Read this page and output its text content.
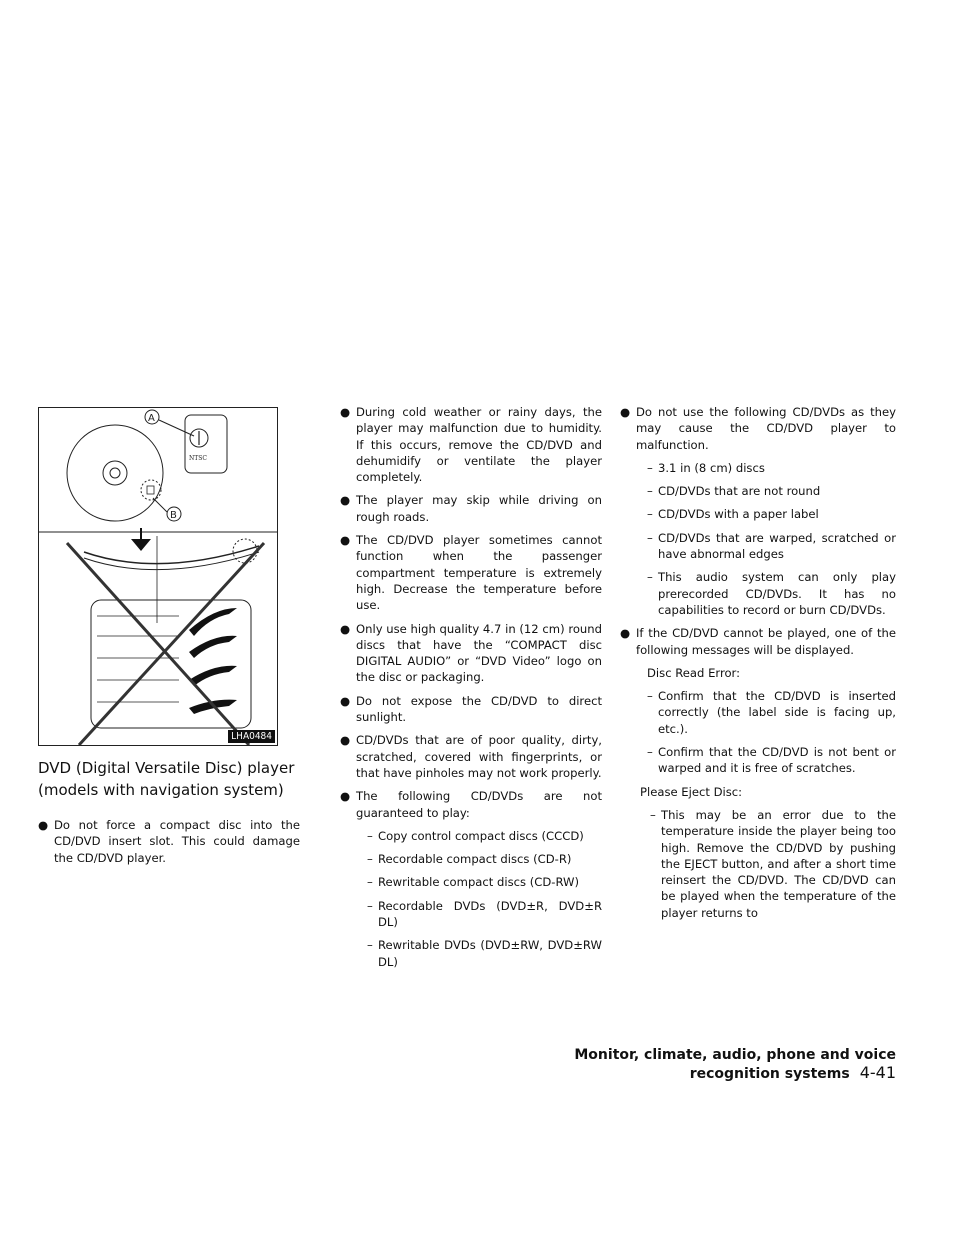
NTSC
A
B
LHA0484
DVD (Digital Versatile Disc) player (models with navigation system)

● Do not force a compact disc into the CD/DVD insert slot. This could damage the CD/DVD player.

● During cold weather or rainy days, the player may malfunction due to humidity. If this occurs, remove the CD/DVD and dehumidify or ventilate the player completely.

● The player may skip while driving on rough roads.

● The CD/DVD player sometimes cannot function when the passenger compartment temperature is extremely high. Decrease the temperature before use.

● Only use high quality 4.7 in (12 cm) round discs that have the “COMPACT disc DIGITAL AUDIO” or “DVD Video” logo on the disc or packaging.

● Do not expose the CD/DVD to direct sunlight.

● CD/DVDs that are of poor quality, dirty, scratched, covered with fingerprints, or that have pinholes may not work properly.

● The following CD/DVDs are not guaranteed to play:

– Copy control compact discs (CCCD)

– Recordable compact discs (CD-R)

– Rewritable compact discs (CD-RW)

– Recordable DVDs (DVD±R, DVD±R DL)

– Rewritable DVDs (DVD±RW, DVD±RW DL)

● Do not use the following CD/DVDs as they may cause the CD/DVD player to malfunction.

– 3.1 in (8 cm) discs

– CD/DVDs that are not round

– CD/DVDs with a paper label

– CD/DVDs that are warped, scratched or have abnormal edges

– This audio system can only play prerecorded CD/DVDs. It has no capabilities to record or burn CD/DVDs.

● If the CD/DVD cannot be played, one of the following messages will be displayed.

Disc Read Error:

– Confirm that the CD/DVD is inserted correctly (the label side is facing up, etc.).

– Confirm that the CD/DVD is not bent or warped and it is free of scratches.

Please Eject Disc:

– This may be an error due to the temperature inside the player being too high. Remove the CD/DVD by pushing the EJECT button, and after a short time reinsert the CD/DVD. The CD/DVD can be played when the temperature of the player returns to

Monitor, climate, audio, phone and voice recognition systems 4-41
